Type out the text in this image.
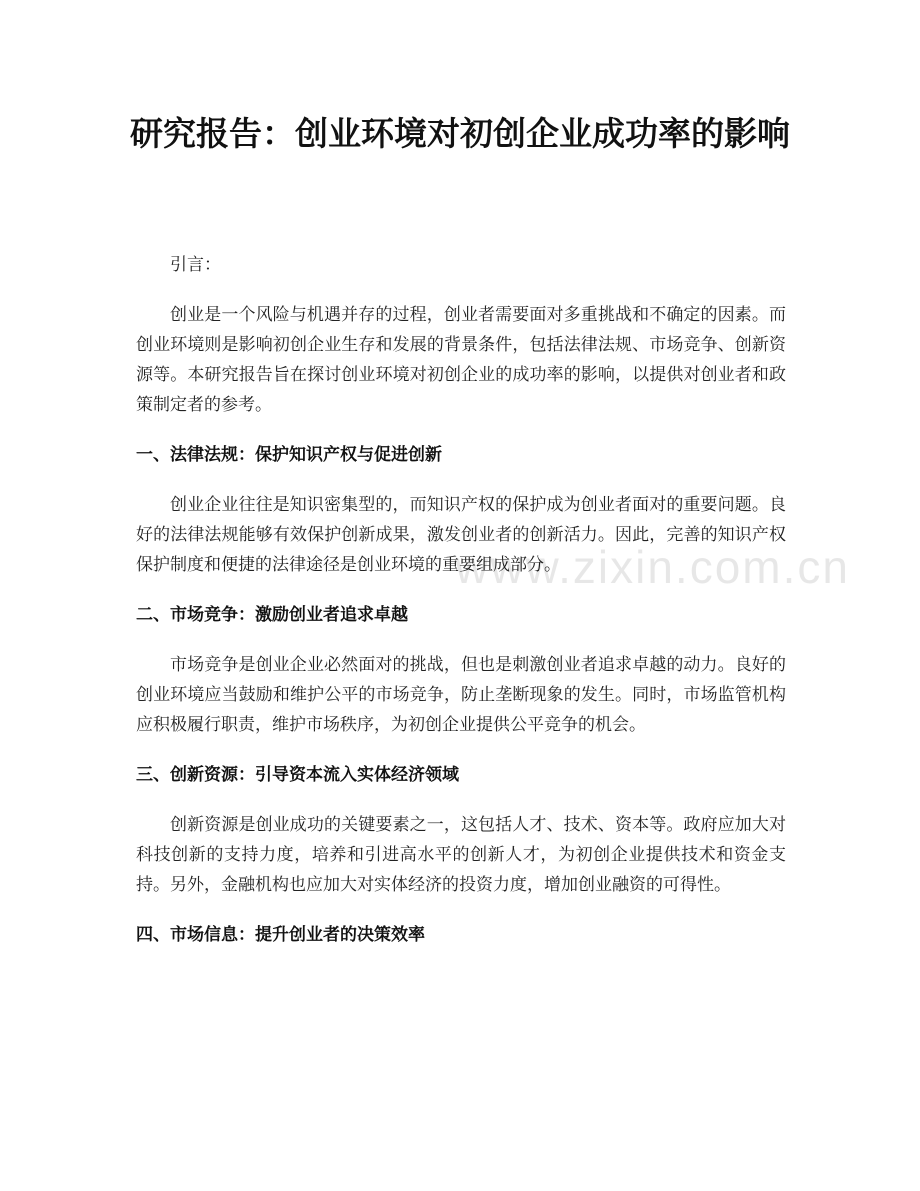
研究报告：创业环境对初创企业成功率的影响

引言：

创业是一个风险与机遇并存的过程，创业者需要面对多重挑战和不确定的因素。而创业环境则是影响初创企业生存和发展的背景条件，包括法律法规、市场竞争、创新资源等。本研究报告旨在探讨创业环境对初创企业的成功率的影响，以提供对创业者和政策制定者的参考。

一、法律法规：保护知识产权与促进创新

创业企业往往是知识密集型的，而知识产权的保护成为创业者面对的重要问题。良好的法律法规能够有效保护创新成果，激发创业者的创新活力。因此，完善的知识产权保护制度和便捷的法律途径是创业环境的重要组成部分。

二、市场竞争：激励创业者追求卓越

市场竞争是创业企业必然面对的挑战，但也是刺激创业者追求卓越的动力。良好的创业环境应当鼓励和维护公平的市场竞争，防止垄断现象的发生。同时，市场监管机构应积极履行职责，维护市场秩序，为初创企业提供公平竞争的机会。

三、创新资源：引导资本流入实体经济领域

创新资源是创业成功的关键要素之一，这包括人才、技术、资本等。政府应加大对科技创新的支持力度，培养和引进高水平的创新人才，为初创企业提供技术和资金支持。另外，金融机构也应加大对实体经济的投资力度，增加创业融资的可得性。

四、市场信息：提升创业者的决策效率

www.zixin.com.cn
